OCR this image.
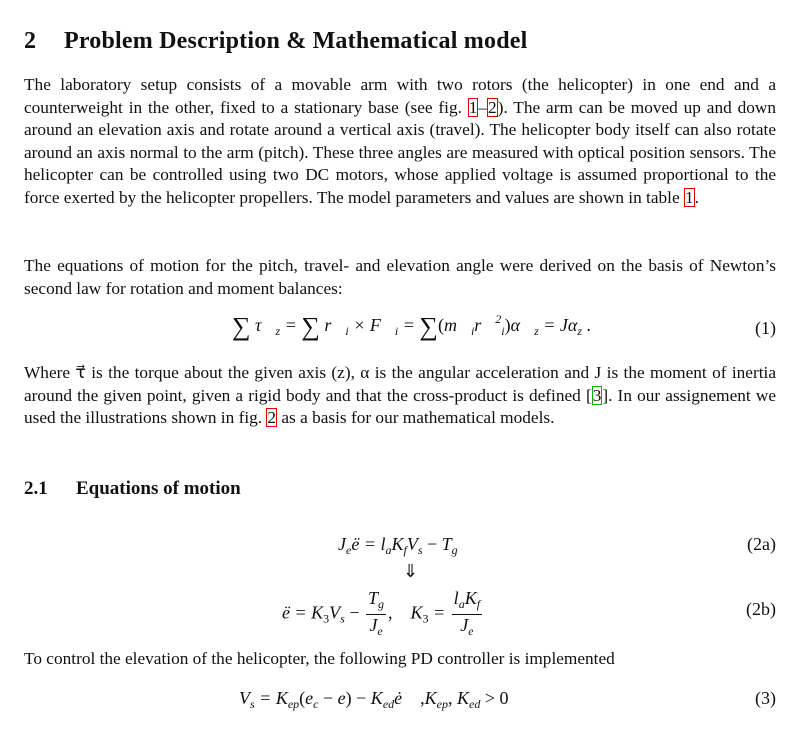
2 Problem Description & Mathematical model
The laboratory setup consists of a movable arm with two rotors (the helicopter) in one end and a counterweight in the other, fixed to a stationary base (see fig. 1–2). The arm can be moved up and down around an elevation axis and rotate around a vertical axis (travel). The helicopter body itself can also rotate around an axis normal to the arm (pitch). These three angles are measured with optical position sensors. The helicopter can be controlled using two DC motors, whose applied voltage is assumed proportional to the force exerted by the helicopter propellers. The model parameters and values are shown in table 1.
The equations of motion for the pitch, travel- and elevation angle were derived on the basis of Newton’s second law for rotation and moment balances:
∑ $\tau⃗_z$ = ∑ $r⃗_i$ × $F⃗_i$ = $\sum(m⃗_ir⃗^2_i)\alpha⃗_z = J\alpha_z$ .	(1)
Where τ⃗ is the torque about the given axis (z), α is the angular acceleration and J is the moment of inertia around the given point, given a rigid body and that the cross-product is defined [3]. In our assignement we used the illustrations shown in fig. 2 as a basis for our mathematical models.
2.1 Equations of motion
$J_eë = l_aK_fV_s - T_g$	(2a)
⇓
ë = $K_3V_s - \frac{T_g}{J_e}$ ,    $K_3 = \frac{l_aK_f}{J_e}$	(2b)
To control the elevation of the helicopter, the following PD controller is implemented
$V_s = K_{ep}(e_c - e)$ − $K_{ed}ė$    $,K_{ep}$, $K_{ed} > 0$	(3)
